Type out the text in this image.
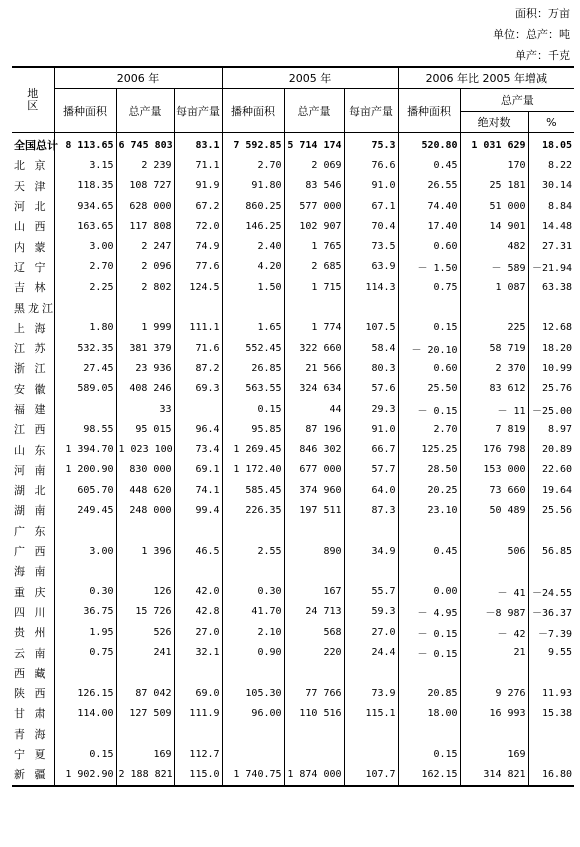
面积：万亩
单位：总产：吨
单产：千克
地
区	2006 年			2005 年			2006 年比 2005 年增减		
	播种面积	总产量	每亩产量	播种面积	总产量	每亩产量	播种面积	总产量	
								绝对数	%
全国总计	8 113.65	6 745 803	83.1	7 592.85	5 714 174	75.3	520.80	1 031 629	18.05
北 京	3.15	2 239	71.1	2.70	2 069	76.6	0.45	170	8.22
天 津	118.35	108 727	91.9	91.80	83 546	91.0	26.55	25 181	30.14
河 北	934.65	628 000	67.2	860.25	577 000	67.1	74.40	51 000	8.84
山 西	163.65	117 808	72.0	146.25	102 907	70.4	17.40	14 901	14.48
内 蒙	3.00	2 247	74.9	2.40	1 765	73.5	0.60	482	27.31
辽 宁	2.70	2 096	77.6	4.20	2 685	63.9	－ 1.50	－ 589	－21.94
吉 林	2.25	2 802	124.5	1.50	1 715	114.3	0.75	1 087	63.38
黑龙江									
上 海	1.80	1 999	111.1	1.65	1 774	107.5	0.15	225	12.68
江 苏	532.35	381 379	71.6	552.45	322 660	58.4	－ 20.10	58 719	18.20
浙 江	27.45	23 936	87.2	26.85	21 566	80.3	0.60	2 370	10.99
安 徽	589.05	408 246	69.3	563.55	324 634	57.6	25.50	83 612	25.76
福 建		33		0.15	44	29.3	－ 0.15	－ 11	－25.00
江 西	98.55	95 015	96.4	95.85	87 196	91.0	2.70	7 819	8.97
山 东	1 394.70	1 023 100	73.4	1 269.45	846 302	66.7	125.25	176 798	20.89
河 南	1 200.90	830 000	69.1	1 172.40	677 000	57.7	28.50	153 000	22.60
湖 北	605.70	448 620	74.1	585.45	374 960	64.0	20.25	73 660	19.64
湖 南	249.45	248 000	99.4	226.35	197 511	87.3	23.10	50 489	25.56
广 东									
广 西	3.00	1 396	46.5	2.55	890	34.9	0.45	506	56.85
海 南									
重 庆	0.30	126	42.0	0.30	167	55.7	0.00	－ 41	－24.55
四 川	36.75	15 726	42.8	41.70	24 713	59.3	－ 4.95	－8 987	－36.37
贵 州	1.95	526	27.0	2.10	568	27.0	－ 0.15	－ 42	－7.39
云 南	0.75	241	32.1	0.90	220	24.4	－ 0.15	21	9.55
西 藏									
陕 西	126.15	87 042	69.0	105.30	77 766	73.9	20.85	9 276	11.93
甘 肃	114.00	127 509	111.9	96.00	110 516	115.1	18.00	16 993	15.38
青 海									
宁 夏	0.15	169	112.7				0.15	169	
新 疆	1 902.90	2 188 821	115.0	1 740.75	1 874 000	107.7	162.15	314 821	16.80
